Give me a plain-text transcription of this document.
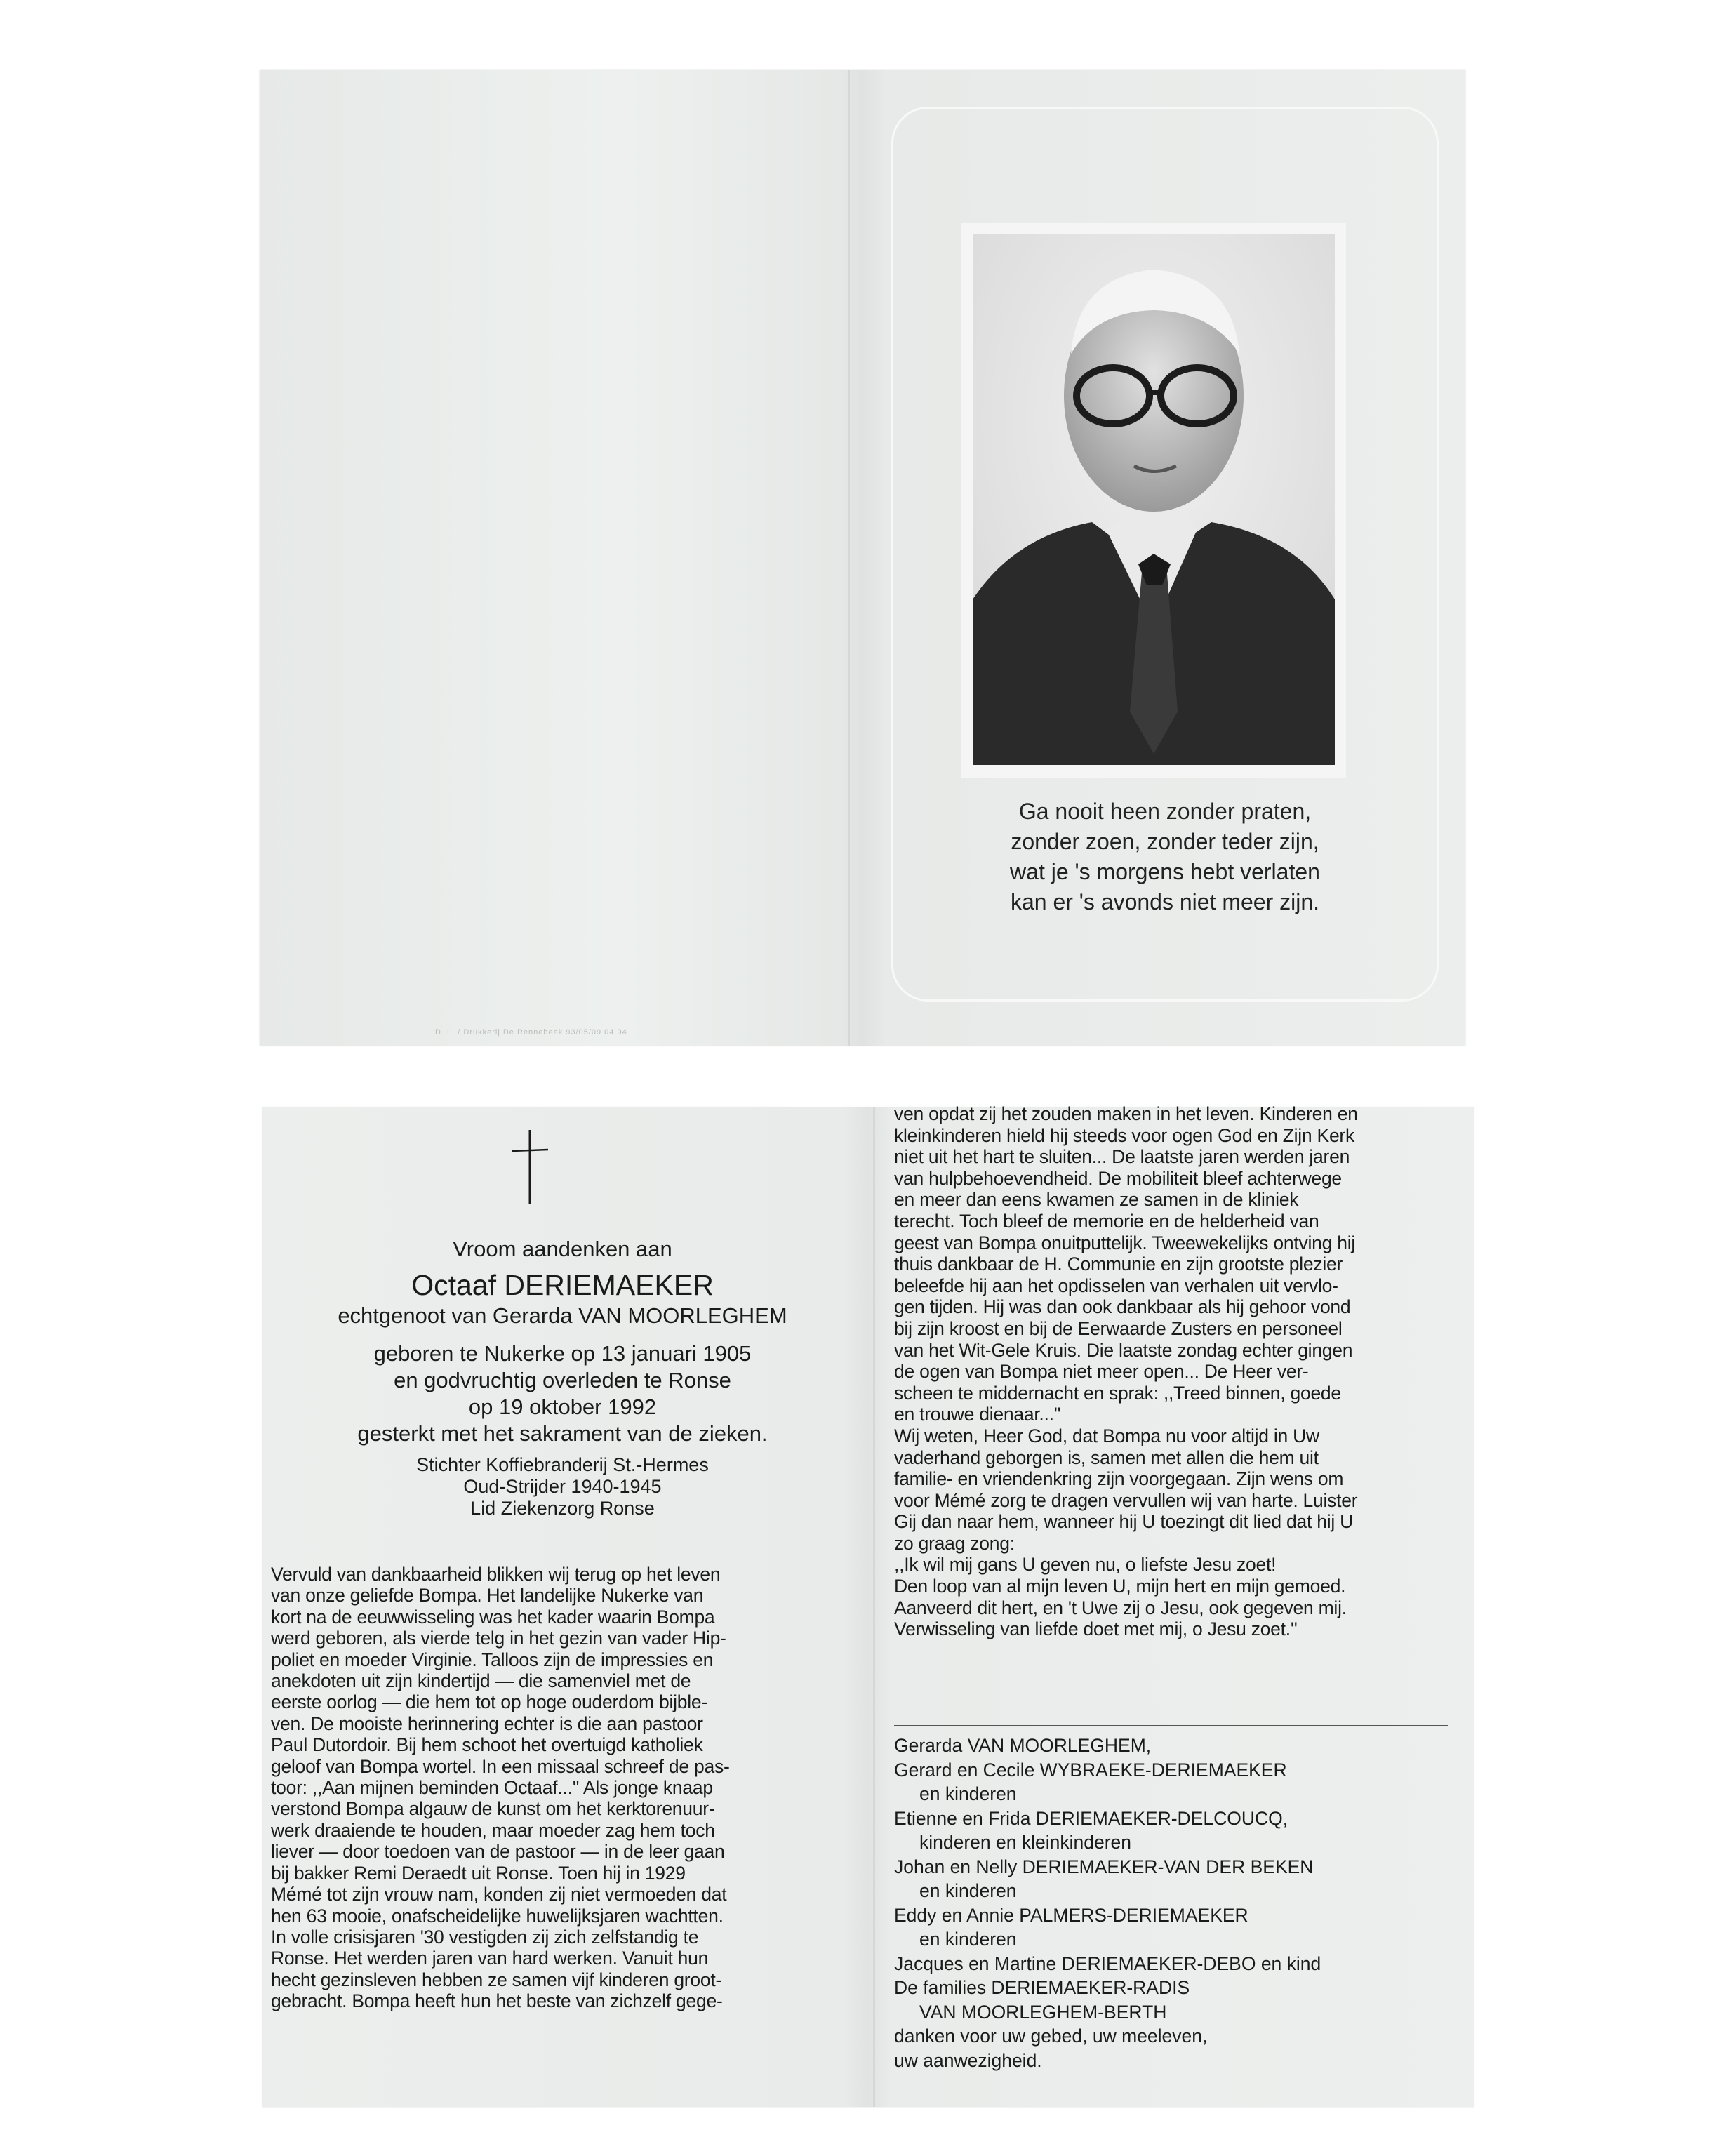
Ga nooit heen zonder praten,
zonder zoen, zonder teder zijn,
wat je 's morgens hebt verlaten
kan er 's avonds niet meer zijn.
D. L. / Drukkerij De Rennebeek 93/05/09 04 04
Vroom aandenken aan
Octaaf DERIEMAEKER
echtgenoot van Gerarda VAN MOORLEGHEM
geboren te Nukerke op 13 januari 1905
en godvruchtig overleden te Ronse
op 19 oktober 1992
gesterkt met het sakrament van de zieken.
Stichter Koffiebranderij St.-Hermes
Oud-Strijder 1940-1945
Lid Ziekenzorg Ronse
Vervuld van dankbaarheid blikken wij terug op het leven
van onze geliefde Bompa. Het landelijke Nukerke van
kort na de eeuwwisseling was het kader waarin Bompa
werd geboren, als vierde telg in het gezin van vader Hip-
poliet en moeder Virginie. Talloos zijn de impressies en
anekdoten uit zijn kindertijd — die samenviel met de
eerste oorlog — die hem tot op hoge ouderdom bijble-
ven. De mooiste herinnering echter is die aan pastoor
Paul Dutordoir. Bij hem schoot het overtuigd katholiek
geloof van Bompa wortel. In een missaal schreef de pas-
toor: ,,Aan mijnen beminden Octaaf...'' Als jonge knaap
verstond Bompa algauw de kunst om het kerktorenuur-
werk draaiende te houden, maar moeder zag hem toch
liever — door toedoen van de pastoor — in de leer gaan
bij bakker Remi Deraedt uit Ronse. Toen hij in 1929
Mémé tot zijn vrouw nam, konden zij niet vermoeden dat
hen 63 mooie, onafscheidelijke huwelijksjaren wachtten.
In volle crisisjaren '30 vestigden zij zich zelfstandig te
Ronse. Het werden jaren van hard werken. Vanuit hun
hecht gezinsleven hebben ze samen vijf kinderen groot-
gebracht. Bompa heeft hun het beste van zichzelf gege-
ven opdat zij het zouden maken in het leven. Kinderen en
kleinkinderen hield hij steeds voor ogen God en Zijn Kerk
niet uit het hart te sluiten... De laatste jaren werden jaren
van hulpbehoevendheid. De mobiliteit bleef achterwege
en meer dan eens kwamen ze samen in de kliniek
terecht. Toch bleef de memorie en de helderheid van
geest van Bompa onuitputtelijk. Tweewekelijks ontving hij
thuis dankbaar de H. Communie en zijn grootste plezier
beleefde hij aan het opdisselen van verhalen uit vervlo-
gen tijden. Hij was dan ook dankbaar als hij gehoor vond
bij zijn kroost en bij de Eerwaarde Zusters en personeel
van het Wit-Gele Kruis. Die laatste zondag echter gingen
de ogen van Bompa niet meer open... De Heer ver-
scheen te middernacht en sprak: ,,Treed binnen, goede
en trouwe dienaar...''
Wij weten, Heer God, dat Bompa nu voor altijd in Uw
vaderhand geborgen is, samen met allen die hem uit
familie- en vriendenkring zijn voorgegaan. Zijn wens om
voor Mémé zorg te dragen vervullen wij van harte. Luister
Gij dan naar hem, wanneer hij U toezingt dit lied dat hij U
zo graag zong:
,,Ik wil mij gans U geven nu, o liefste Jesu zoet!
Den loop van al mijn leven U, mijn hert en mijn gemoed.
Aanveerd dit hert, en 't Uwe zij o Jesu, ook gegeven mij.
Verwisseling van liefde doet met mij, o Jesu zoet.''
Gerarda VAN MOORLEGHEM,
Gerard en Cecile WYBRAEKE-DERIEMAEKER
en kinderen
Etienne en Frida DERIEMAEKER-DELCOUCQ,
kinderen en kleinkinderen
Johan en Nelly DERIEMAEKER-VAN DER BEKEN
en kinderen
Eddy en Annie PALMERS-DERIEMAEKER
en kinderen
Jacques en Martine DERIEMAEKER-DEBO en kind
De families DERIEMAEKER-RADIS
VAN MOORLEGHEM-BERTH
danken voor uw gebed, uw meeleven,
uw aanwezigheid.
